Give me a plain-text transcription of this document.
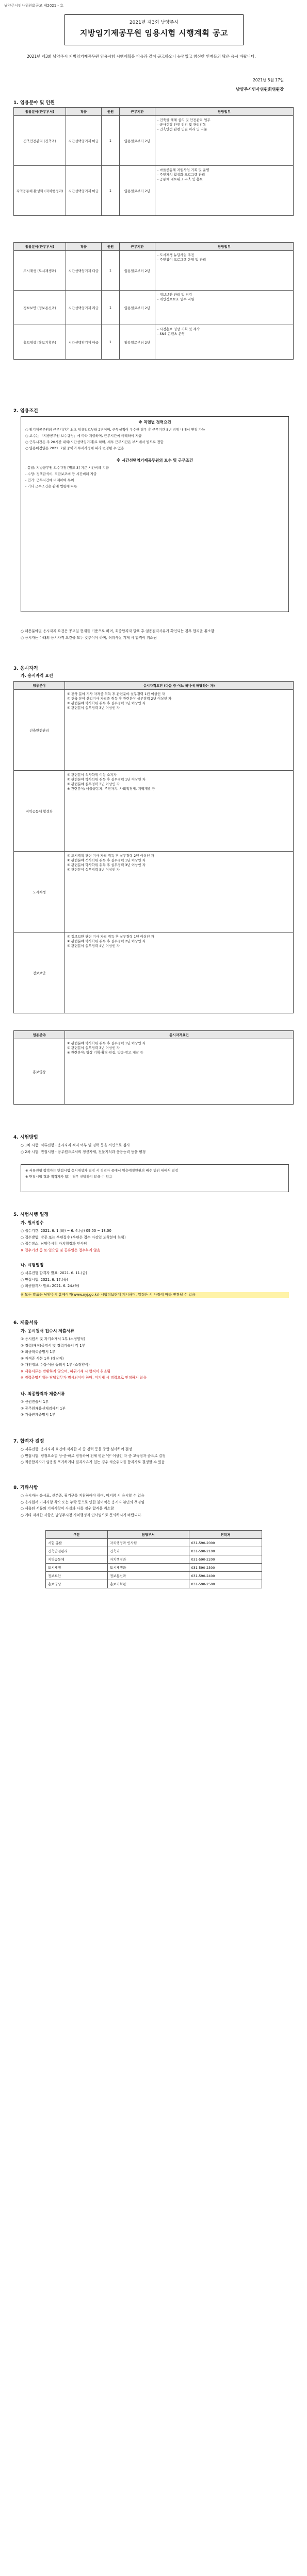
남양주시인사위원회공고 제2021 - 호
2021년 제3회 남양주시
지방임기제공무원 임용시험 시행계획 공고
2021년 제3회 남양주시 지방임기제공무원 임용시험 시행계획을 다음과 같이 공고하오니 능력있고 참신한 인재들의 많은 응시 바랍니다.
2021년 5월 17일
남양주시인사위원회위원장
1. 임용분야 및 인원
임용분야(근무부서)	직급	인원	근무기간	담당업무
건축안전관리 (건축과)	시간선택임기제 마급	1	임용일로부터 2년	- 건축물 해체 심의 및 안전관리 업무
- 공사현장 안전 점검 및 관리감독
- 건축안전 관련 민원 처리 및 자문
지역공동체 활성화 (자치행정과)	시간선택임기제 마급	1	임용일로부터 2년	- 마을공동체 지원사업 기획 및 운영
- 주민자치 활성화 프로그램 관리
- 공동체 네트워크 구축 및 홍보
임용분야(근무부서)	직급	인원	근무기간	담당업무
도시재생 (도시재생과)	시간선택임기제 다급	1	임용일로부터 2년	- 도시재생 뉴딜사업 추진
- 주민참여 프로그램 운영 및 관리
정보보안 (정보통신과)	시간선택임기제 라급	1	임용일로부터 2년	- 정보보안 관리 및 점검
- 개인정보보호 업무 지원
홍보영상 (홍보기획관)	시간선택임기제 마급	1	임용일로부터 2년	- 시정홍보 영상 기획 및 제작
- SNS 콘텐츠 운영
2. 임용조건
※ 직렬별 경력요건
○ 임기제공무원의 근무기간은 최초 임용일로부터 2년이며, 근무실적이 우수한 경우 총 근무기간 5년 범위 내에서 연장 가능
○ 보수는 「지방공무원 보수규정」에 따라 지급하며, 근무시간에 비례하여 지급
○ 근무시간은 주 20시간 내외(시간선택임기제)로 하며, 세부 근무시간은 부서에서 별도로 정함
○ 임용예정일은 2021. 7월 중이며 부서사정에 따라 변경될 수 있음
※ 시간선택임기제공무원의 보수 및 근무조건
- 봉급: 지방공무원 보수규정 [별표 3] 기준 시간비례 지급
- 수당: 정액급식비, 직급보조비 등 시간비례 지급
- 연가: 근무시간에 비례하여 부여
- 기타 근무조건은 관계 법령에 따름
○ 채용분야별 응시자격 요건은 공고일 현재를 기준으로 하며, 최종합격자 발표 후 임용결격사유가 확인되는 경우 합격을 취소함
○ 응시자는 아래의 응시자격 요건을 모두 갖추어야 하며, 허위사실 기재 시 합격이 취소됨
3. 응시자격
가. 응시자격 요건
임용분야	응시자격요건 (다음 중 어느 하나에 해당하는 자)
건축안전관리	① 건축 분야 기사 자격증 취득 후 관련분야 실무경력 1년 이상인 자
② 건축 분야 산업기사 자격증 취득 후 관련분야 실무경력 2년 이상인 자
③ 관련분야 학사학위 취득 후 실무경력 1년 이상인 자
④ 관련분야 실무경력 3년 이상인 자
지역공동체 활성화	① 관련분야 석사학위 이상 소지자
② 관련분야 학사학위 취득 후 실무경력 1년 이상인 자
③ 관련분야 실무경력 3년 이상인 자
※ 관련분야: 마을공동체, 주민자치, 사회적경제, 지역개발 등
도시재생	① 도시계획 관련 기사 자격 취득 후 실무경력 2년 이상인 자
② 관련분야 석사학위 취득 후 실무경력 1년 이상인 자
③ 관련분야 학사학위 취득 후 실무경력 3년 이상인 자
④ 관련분야 실무경력 5년 이상인 자
정보보안	① 정보보안 관련 기사 자격 취득 후 실무경력 1년 이상인 자
② 관련분야 학사학위 취득 후 실무경력 2년 이상인 자
③ 관련분야 실무경력 4년 이상인 자
임용분야	응시자격요건
홍보영상	① 관련분야 학사학위 취득 후 실무경력 1년 이상인 자
② 관련분야 실무경력 3년 이상인 자
※ 관련분야: 영상 기획·촬영·편집, 방송·광고 제작 등
4. 시험방법
○ 1차 시험: 서류전형 - 응시자격 적격 여부 및 경력 등을 서면으로 심사
○ 2차 시험: 면접시험 - 공무원으로서의 정신자세, 전문지식과 응용능력 등을 평정
※ 서류전형 합격자는 면접시험 응시대상자 결정 시 적격자 중에서 임용예정인원의 배수 범위 내에서 결정
※ 면접시험 결과 적격자가 없는 경우 선발하지 않을 수 있음
5. 시험시행 일정
가. 원서접수
○ 접수기간: 2021. 6. 1.(화) ~ 6. 4.(금) 09:00 ~ 18:00
○ 접수방법: 방문 또는 우편접수 (우편은 접수 마감일 도착분에 한함)
○ 접수장소: 남양주시청 자치행정과 인사팀
※ 접수기간 중 토·일요일 및 공휴일은 접수하지 않음
나. 시험일정
○ 서류전형 합격자 발표: 2021. 6. 11.(금)
○ 면접시험: 2021. 6. 17.(목)
○ 최종합격자 발표: 2021. 6. 24.(목)
※ 모든 발표는 남양주시 홈페이지(www.nyj.go.kr) 시험정보란에 게시하며, 일정은 시 사정에 따라 변경될 수 있음
6. 제출서류
가. 응시원서 접수시 제출서류
① 응시원서 및 자기소개서 1부 (소정양식)
② 경력(재직)증명서 및 경력기술서 각 1부
③ 최종학력증명서 1부
④ 자격증 사본 1부 (해당자)
⑤ 개인정보 수집·이용 동의서 1부 (소정양식)
※ 제출서류는 반환하지 않으며, 허위기재 시 합격이 취소됨
※ 경력증명서에는 담당업무가 명시되어야 하며, 미기재 시 경력으로 인정하지 않음
나. 최종합격자 제출서류
① 신원진술서 1부
② 공무원채용신체검사서 1부
③ 가족관계증명서 1부
7. 합격자 결정
○ 서류전형: 응시자격 요건에 적격한 자 중 경력 등을 종합 심사하여 결정
○ 면접시험: 평정요소별 상·중·하로 평정하여 전체 평균 '중' 이상인 자 중 고득점자 순으로 결정
○ 최종합격자가 임용을 포기하거나 결격사유가 있는 경우 차순위자를 합격자로 결정할 수 있음
8. 기타사항
○ 응시자는 응시표, 신분증, 필기구를 지참하여야 하며, 미지참 시 응시할 수 없음
○ 응시원서 기재사항 착오 또는 누락 등으로 인한 불이익은 응시자 본인의 책임임
○ 제출된 서류의 기재사항이 사실과 다를 경우 합격을 취소함
○ 기타 자세한 사항은 남양주시청 자치행정과 인사팀으로 문의하시기 바랍니다.
구분	담당부서	연락처
시험 총괄	자치행정과 인사팀	031-590-2000
건축안전관리	건축과	031-590-2100
지역공동체	자치행정과	031-590-2200
도시재생	도시재생과	031-590-2300
정보보안	정보통신과	031-590-2400
홍보영상	홍보기획관	031-590-2500
